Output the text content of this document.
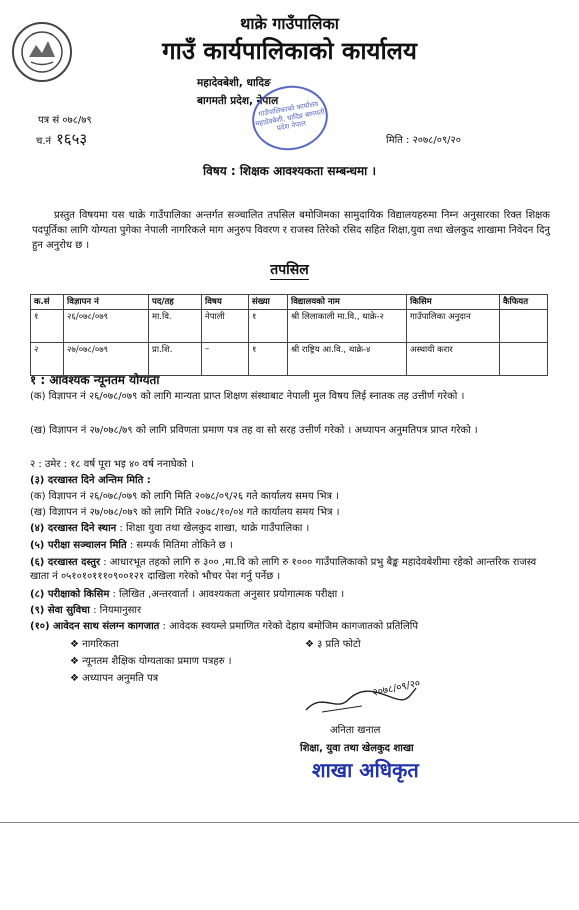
थाक्रे गाउँपालिका
गाउँ कार्यपालिकाको कार्यालय
महादेवबेशी, धादिङ
बागमती प्रदेश, नेपाल
गाउँपालिकाको कार्यालय महादेवबेशी, धादिङ बागमती प्रदेश नेपाल
पत्र सं ०७८/७९
च.नं १६५३	मिति : २०७८/०९/२०
विषय : शिक्षक आवश्यकता सम्बन्धमा ।
प्रस्तुत विषयमा यस थाक्रे गाउँपालिका अन्तर्गत सञ्चालित तपसिल बमोजिमका सामुदायिक विद्यालयहरुमा निम्न अनुसारका रिक्त शिक्षक पदपूर्तिका लागि योग्यता पुगेका नेपाली नागरिकले माग अनुरुप विवरण र राजस्व तिरेको रसिद सहित शिक्षा,युवा तथा खेलकुद शाखामा निवेदन दिनु हुन अनुरोध छ ।
तपसिल
क.सं	विज्ञापन नं	पद/तह	विषय	संख्या	विद्यालयको नाम	किसिम	कैफियत
१	२६/०७८/०७९	मा.वि.	नेपाली	१	श्री लिलाकाली मा.वि., थाक्रे-२	गाउँपालिका अनुदान	
२	२७/०७८/०७९	प्रा.शि.	–	१	श्री राष्ट्रिय आ.वि., थाक्रे-४	अस्थायी करार	
१ : आवश्यक न्यूनतम योग्यता
(क) विज्ञापन नं २६/०७८/०७९ को लागि मान्यता प्राप्त शिक्षण संस्थाबाट नेपाली मुल विषय लिई स्नातक तह उत्तीर्ण गरेको ।
(ख) विज्ञापन नं २७/०७८/७९ को लागि प्रविणता प्रमाण पत्र तह वा सो सरह उत्तीर्ण गरेको । अध्यापन अनुमतिपत्र प्राप्त गरेको ।
२ : उमेर : १८ वर्ष पूरा भइ ४० वर्ष ननाघेको ।
(३) दरखास्त दिने अन्तिम मिति :
(क) विज्ञापन नं २६/०७८/०७९ को लागि मिति २०७८/०९/२६ गते कार्यालय समय भित्र ।
(ख) विज्ञापन नं २७/०७८/०७९ को लागि मिति २०७८/१०/०४ गते कार्यालय समय भित्र ।
(४) दरखास्त दिने स्थान : शिक्षा युवा तथा खेलकुद शाखा, थाक्रे गाउँपालिका ।
(५) परीक्षा सञ्चालन मिति : सम्पर्क मितिमा तोकिने छ ।
(६) दरखास्त दस्तुर : आधारभूत तहको लागि रु ३०० ,मा.वि को लागि रु १००० गाउँपालिकाको प्रभु बैङ्क महादेवबेशीमा रहेको आन्तरिक राजस्व खाता नं ०५१०१०१११०९००१२१ दाखिला गरेको भौचर पेश गर्नु पर्नेछ ।
(८) परीक्षाको किसिम : लिखित ,अन्तरवार्ता । आवश्यकता अनुसार प्रयोगात्मक परीक्षा ।
(९) सेवा सुविधा : नियमानुसार
(१०) आवेदन साथ संलग्न कागजात : आवेदक स्वयम्ले प्रमाणित गरेको देहाय बमोजिम कागजातको प्रतिलिपि
❖ नागरिकता	❖ ३ प्रति फोटो
❖ न्यूनतम शैक्षिक योग्यताका प्रमाण पत्रहरु ।
❖ अध्यापन अनुमति पत्र	२०७८/०९/२०
अनिता खनाल
शिक्षा, युवा तथा खेलकुद शाखा
शाखा अधिकृत
